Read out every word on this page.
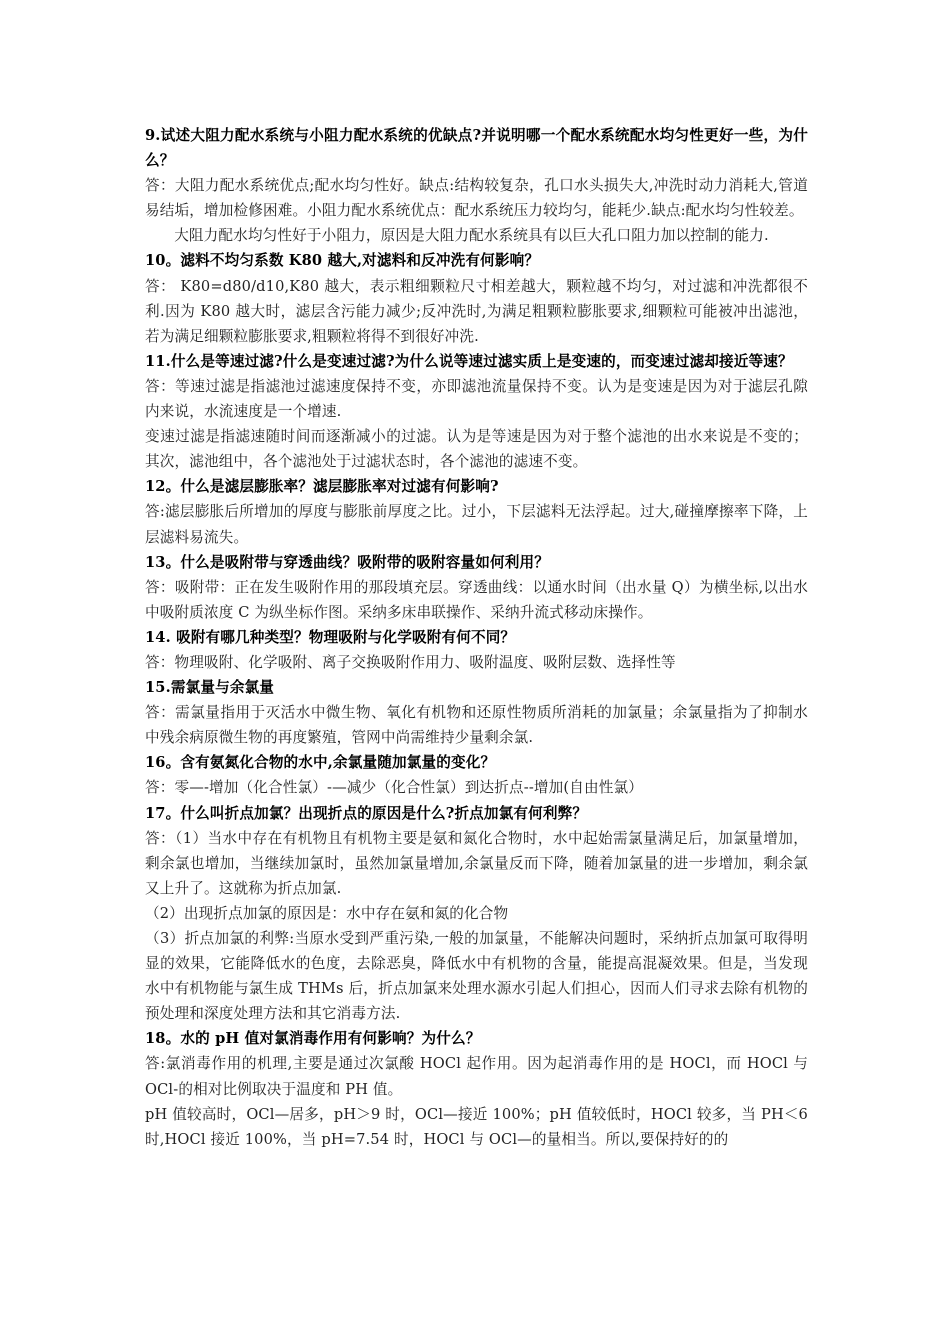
9.试述大阻力配水系统与小阻力配水系统的优缺点?并说明哪一个配水系统配水均匀性更好一些，为什么？

答：大阻力配水系统优点;配水均匀性好。缺点:结构较复杂，孔口水头损失大,冲洗时动力消耗大,管道易结垢，增加检修困难。小阻力配水系统优点：配水系统压力较均匀，能耗少.缺点:配水均匀性较差。

大阻力配水均匀性好于小阻力，原因是大阻力配水系统具有以巨大孔口阻力加以控制的能力.

10。滤料不均匀系数 K80 越大,对滤料和反冲洗有何影响？

答： K80=d80/d10,K80 越大，表示粗细颗粒尺寸相差越大，颗粒越不均匀，对过滤和冲洗都很不利.因为 K80 越大时，滤层含污能力减少;反冲洗时,为满足粗颗粒膨胀要求,细颗粒可能被冲出滤池，若为满足细颗粒膨胀要求,粗颗粒将得不到很好冲洗.

11.什么是等速过滤?什么是变速过滤?为什么说等速过滤实质上是变速的，而变速过滤却接近等速？

答：等速过滤是指滤池过滤速度保持不变，亦即滤池流量保持不变。认为是变速是因为对于滤层孔隙内来说，水流速度是一个增速.

变速过滤是指滤速随时间而逐渐减小的过滤。认为是等速是因为对于整个滤池的出水来说是不变的；其次，滤池组中，各个滤池处于过滤状态时，各个滤池的滤速不变。

12。什么是滤层膨胀率？滤层膨胀率对过滤有何影响?

答:滤层膨胀后所增加的厚度与膨胀前厚度之比。过小，下层滤料无法浮起。过大,碰撞摩擦率下降，上层滤料易流失。

13。什么是吸附带与穿透曲线？吸附带的吸附容量如何利用？

答：吸附带：正在发生吸附作用的那段填充层。穿透曲线：以通水时间（出水量 Q）为横坐标,以出水中吸附质浓度 C 为纵坐标作图。采纳多床串联操作、采纳升流式移动床操作。

14. 吸附有哪几种类型？物理吸附与化学吸附有何不同？

答：物理吸附、化学吸附、离子交换吸附作用力、吸附温度、吸附层数、选择性等

15.需氯量与余氯量

答：需氯量指用于灭活水中微生物、氧化有机物和还原性物质所消耗的加氯量；余氯量指为了抑制水中残余病原微生物的再度繁殖，管网中尚需维持少量剩余氯.

16。含有氨氮化合物的水中,余氯量随加氯量的变化？

答：零—-增加（化合性氯）-—减少（化合性氯）到达折点--增加(自由性氯）

17。什么叫折点加氯？出现折点的原因是什么?折点加氯有何利弊？

答：（1）当水中存在有机物且有机物主要是氨和氮化合物时，水中起始需氯量满足后，加氯量增加，剩余氯也增加，当继续加氯时，虽然加氯量增加,余氯量反而下降，随着加氯量的进一步增加，剩余氯又上升了。这就称为折点加氯.

（2）出现折点加氯的原因是：水中存在氨和氮的化合物

（3）折点加氯的利弊:当原水受到严重污染,一般的加氯量，不能解决问题时，采纳折点加氯可取得明显的效果，它能降低水的色度，去除恶臭，降低水中有机物的含量，能提高混凝效果。但是，当发现水中有机物能与氯生成 THMs 后，折点加氯来处理水源水引起人们担心，因而人们寻求去除有机物的预处理和深度处理方法和其它消毒方法.

18。水的 pH 值对氯消毒作用有何影响？为什么？

答:氯消毒作用的机理,主要是通过次氯酸 HOCl 起作用。因为起消毒作用的是 HOCl，而 HOCl 与 OCl-的相对比例取决于温度和 PH 值。

pH 值较高时，OCl—居多，pH＞9 时，OCl—接近 100%；pH 值较低时，HOCl 较多，当 PH＜6 时,HOCl 接近 100%，当 pH=7.54 时，HOCl 与 OCl—的量相当。所以,要保持好的的
